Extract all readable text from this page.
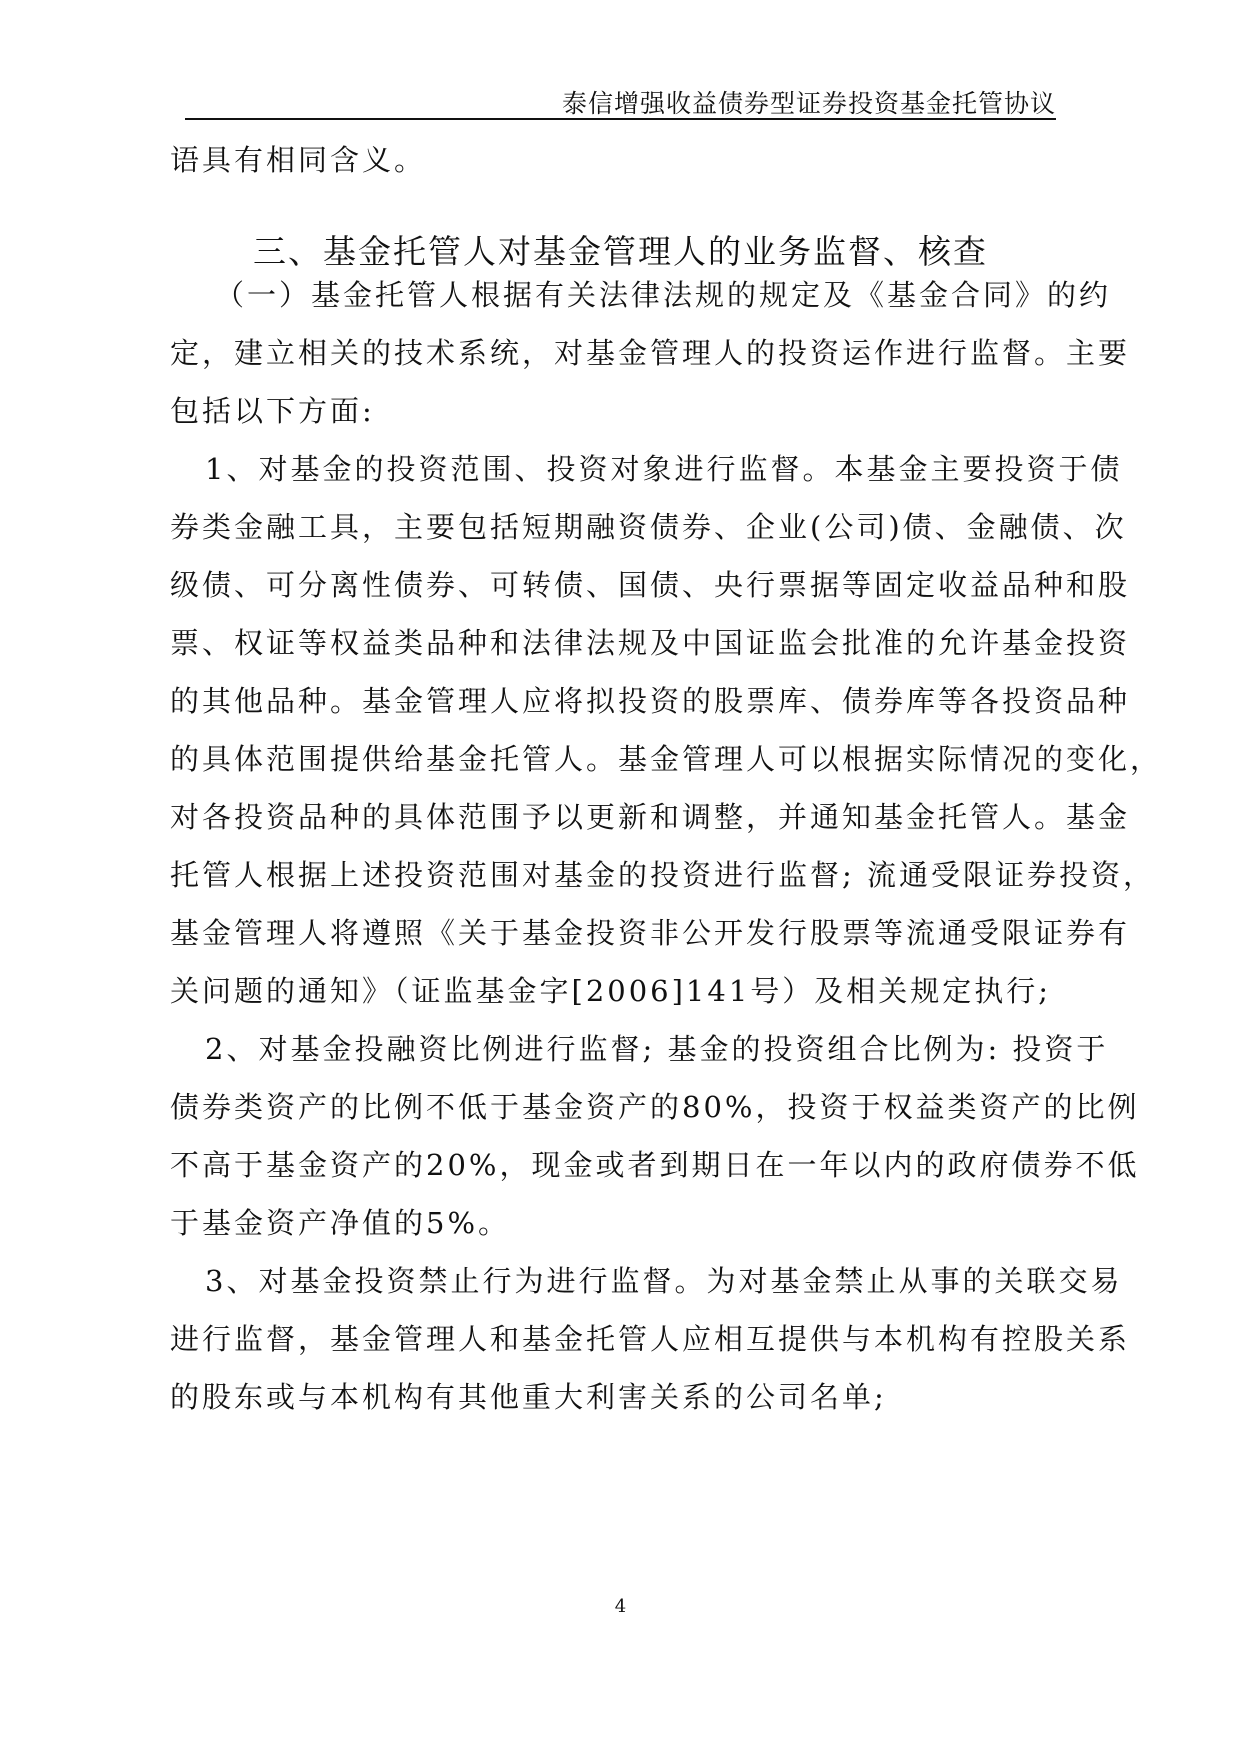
泰信增强收益债券型证券投资基金托管协议
语具有相同含义。
三、基金托管人对基金管理人的业务监督、核查
（一）基金托管人根据有关法律法规的规定及《基金合同》的约
定，建立相关的技术系统，对基金管理人的投资运作进行监督。主要
包括以下方面:
1、对基金的投资范围、投资对象进行监督。本基金主要投资于债
券类金融工具，主要包括短期融资债券、企业(公司)债、金融债、次
级债、可分离性债券、可转债、国债、央行票据等固定收益品种和股
票、权证等权益类品种和法律法规及中国证监会批准的允许基金投资
的其他品种。基金管理人应将拟投资的股票库、债券库等各投资品种
的具体范围提供给基金托管人。基金管理人可以根据实际情况的变化，
对各投资品种的具体范围予以更新和调整，并通知基金托管人。基金
托管人根据上述投资范围对基金的投资进行监督; 流通受限证券投资，
基金管理人将遵照《关于基金投资非公开发行股票等流通受限证券有
关问题的通知》（证监基金字[2006]141号）及相关规定执行;
2、对基金投融资比例进行监督; 基金的投资组合比例为: 投资于
债券类资产的比例不低于基金资产的80%，投资于权益类资产的比例
不高于基金资产的20%，现金或者到期日在一年以内的政府债券不低
于基金资产净值的5%。
3、对基金投资禁止行为进行监督。为对基金禁止从事的关联交易
进行监督，基金管理人和基金托管人应相互提供与本机构有控股关系
的股东或与本机构有其他重大利害关系的公司名单;
4
